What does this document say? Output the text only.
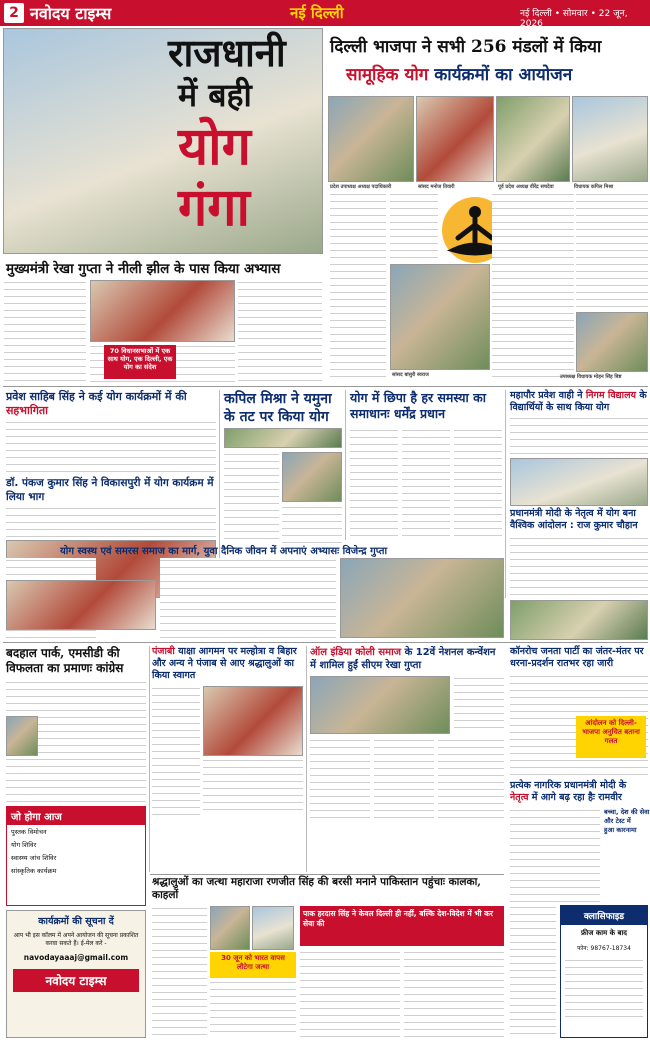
2 नवोदय टाइम्स	नई दिल्ली	नई दिल्ली • सोमवार • 22 जून, 2026
राजधानी
में बही
योग
गंगा
मुख्यमंत्री रेखा गुप्ता ने नीली झील के पास किया अभ्यास
70 विधानसभाओं में एक साथ योग, एक दिल्ली, एक योग का संदेश
दिल्ली भाजपा ने सभी 256 मंडलों में किया
सामूहिक योग कार्यक्रमों का आयोजन
प्रदेश उपाध्यक्ष अध्यक्ष पदाधिकारी	सांसद मनोज तिवारी	पूर्व प्रदेश अध्यक्ष वीरेंद्र सचदेवा	विधायक कपिल मिश्रा
सांसद बांसुरी स्वराज	उपाध्यक्ष विधायक मोहन सिंह बिष्ट
प्रवेश साहिब सिंह ने कई योग कार्यक्रमों में की सहभागिता
डॉ. पंकज कुमार सिंह ने विकासपुरी में योग कार्यक्रम में लिया भाग
कपिल मिश्रा ने यमुना के तट पर किया योग
योग में छिपा है हर समस्या का समाधानः धर्मेंद्र प्रधान
महापौर प्रवेश वाही ने निगम विद्यालय के विद्यार्थियों के साथ किया योग
प्रधानमंत्री मोदी के नेतृत्व में योग बना वैश्विक आंदोलन : राज कुमार चौहान
योग स्वस्थ एवं समरस समाज का मार्ग, युवा दैनिक जीवन में अपनाएं अभ्यासः विजेन्द्र गुप्ता
कॉनरोच जनता पार्टी का जंतर-मंतर पर धरना-प्रदर्शन रातभर रहा जारी
आंदोलन को दिल्ली-भाजपा अनुचित बताना गलत
बदहाल पार्क, एमसीडी की विफलता का प्रमाणः कांग्रेस
पंजाबी याक्षा आगमन पर मल्होत्रा व बिहार और अन्य ने पंजाब से आए श्रद्धालुओं का किया स्वागत
ऑल इंडिया कोली समाज के 12वें नेशनल कन्वेंशन में शामिल हुईं सीएम रेखा गुप्ता
प्रत्येक नागरिक प्रधानमंत्री मोदी के नेतृत्व में आगे बढ़ रहा हैः रामवीर
जो होगा आज
पुस्तक विमोचन
योग शिविर
स्वास्थ्य जांच शिविर
सांस्कृतिक कार्यक्रम
कार्यक्रमों की सूचना दें
आप भी इस कॉलम में अपने आयोजन की सूचना प्रकाशित करवा सकते हैं। ई-मेल करें -
navodayaaaj@gmail.com
नवोदय टाइम्स
श्रद्धालुओं का जत्था महाराजा रणजीत सिंह की बरसी मनाने पाकिस्तान पहुंचाः कालका, काहलों
30 जून को भारत वापस लौटेगा जत्था
पाक हरदास सिंह ने केवल दिल्ली ही नहीं, बल्कि देश-विदेश में भी कर सेवा की
बच्चा, देश की सेवा
और टेस्ट में
हुआ कारनामा
क्लासिफाइड
फ्रीज काम के बाद
फोन: 98767-18734
